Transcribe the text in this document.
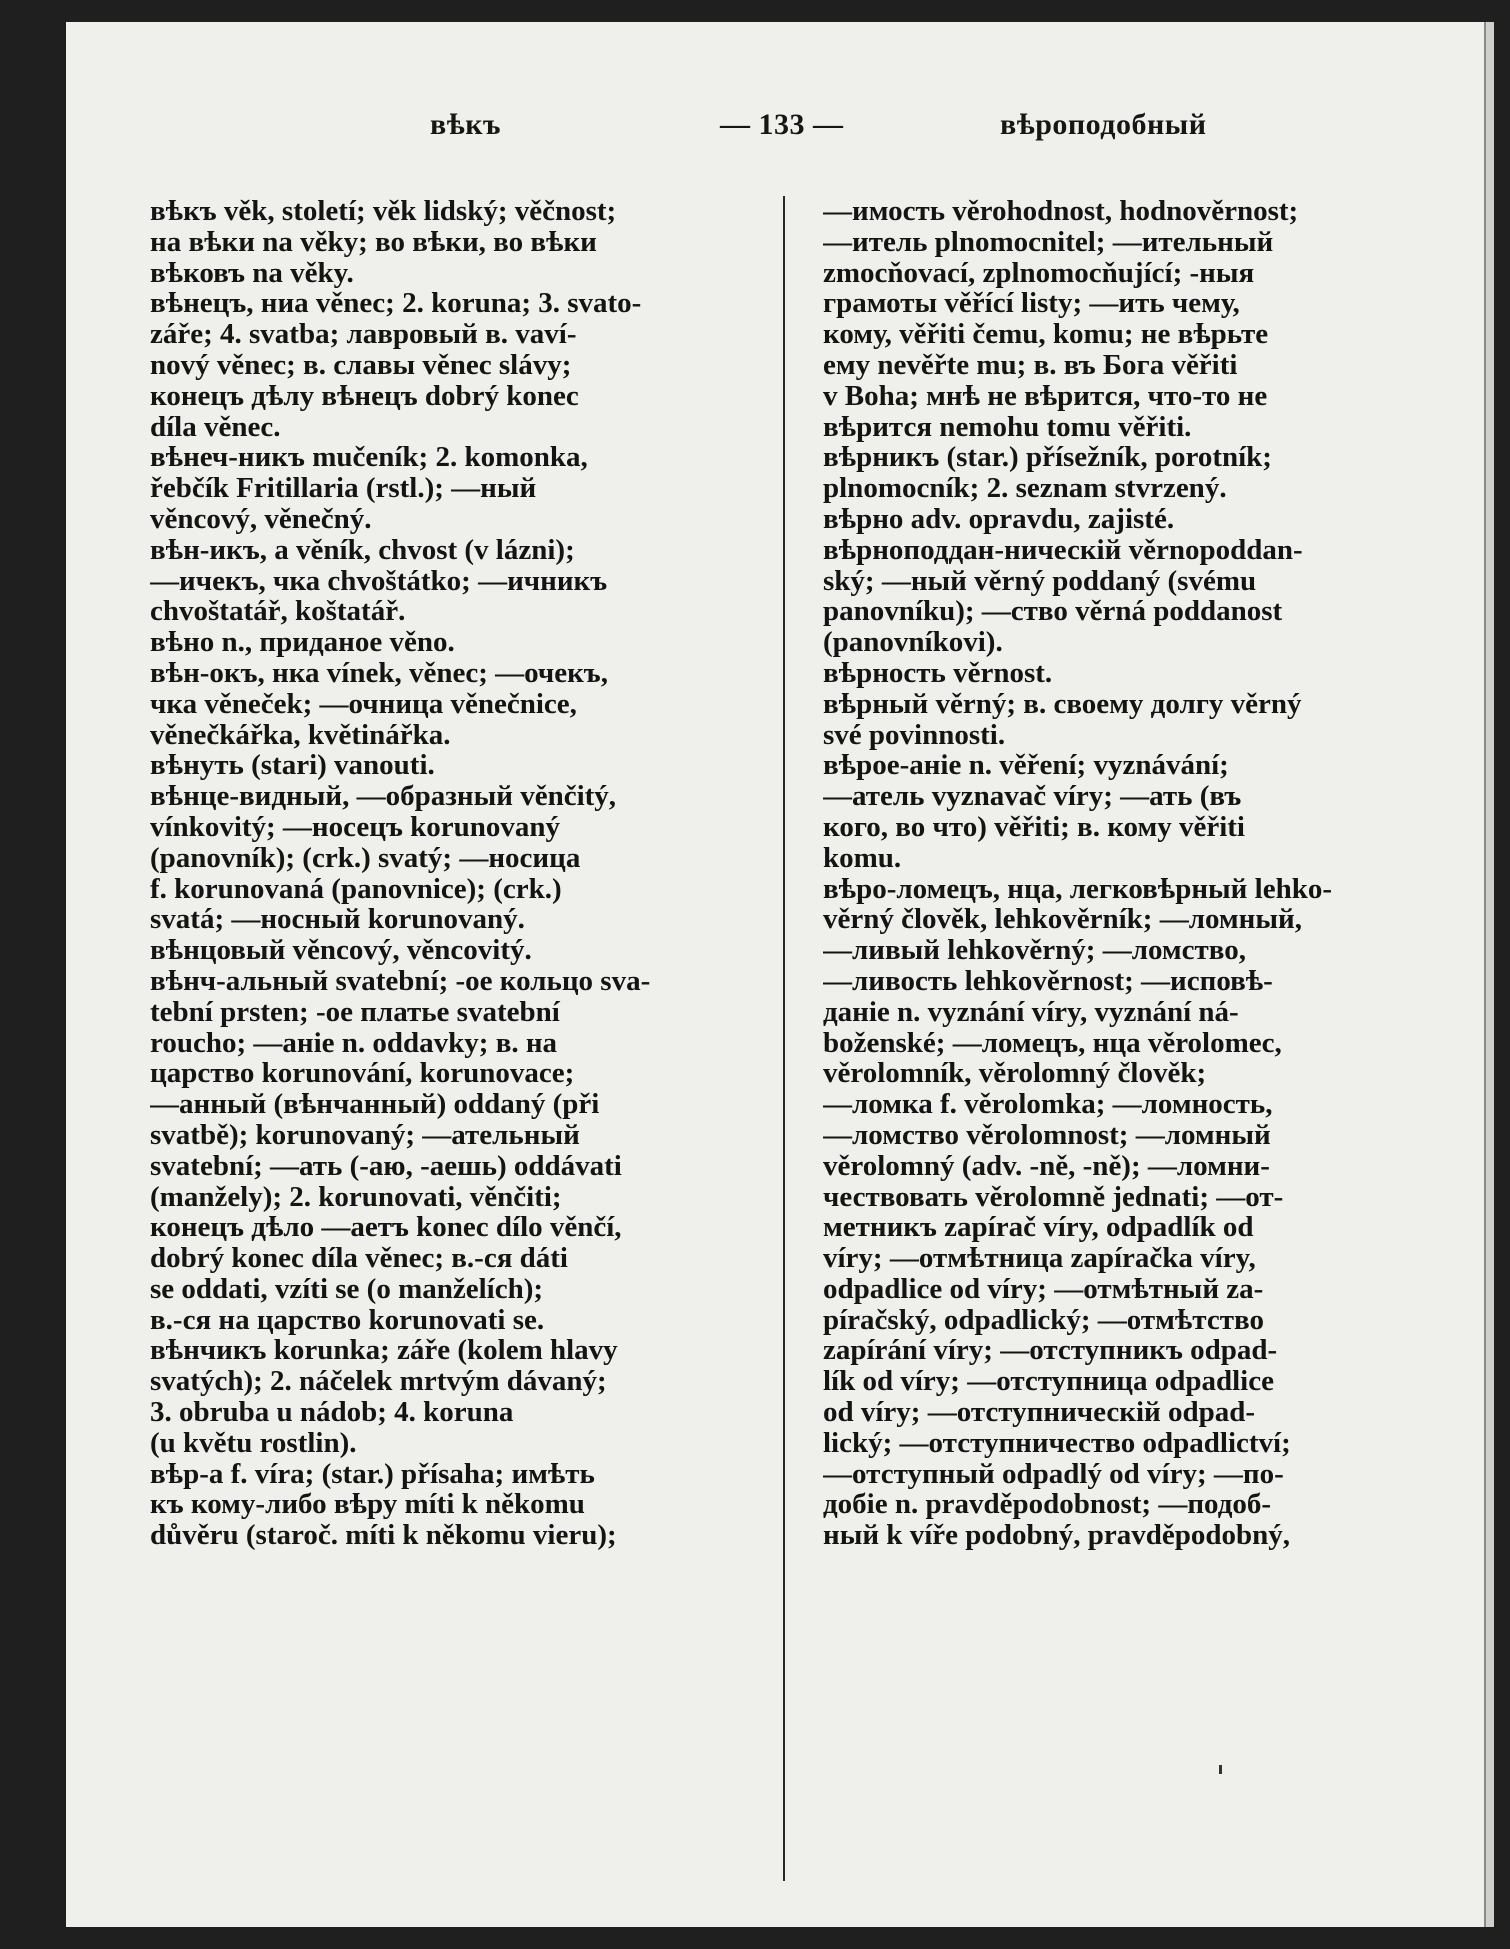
вѣкъ	— 133 —	вѣроподобный
вѣкъ věk, století; věk lidský; věčnost;
на вѣки na věky; во вѣки, во вѣки
вѣковъ na věky.
вѣнецъ, ниа věnec; 2. koruna; 3. svato-
záře; 4. svatba; лавровый в. vaví-
nový věnec; в. славы věnec slávy;
конецъ дѣлу вѣнецъ dobrý konec
díla věnec.
вѣнеч-никъ mučeník; 2. komonka,
řebčík Fritillaria (rstl.); —ный
věncový, věnečný.
вѣн-икъ, а věník, chvost (v lázni);
—ичекъ, чка chvoštátko; —ичникъ
chvoštatář, koštatář.
вѣно n., приданое věno.
вѣн-окъ, нка vínek, věnec; —очекъ,
чка věneček; —очница věnečnice,
věnečkářka, květinářka.
вѣнуть (stari) vanouti.
вѣнце-видный, —образный věnčitý,
vínkovitý; —носецъ korunovaný
(panovník); (crk.) svatý; —носица
f. korunovaná (panovnice); (crk.)
svatá; —носный korunovaný.
вѣнцовый věncový, věncovitý.
вѣнч-альный svatební; -ое кольцо sva-
tební prsten; -ое платье svatební
roucho; —аніе n. oddavky; в. на
царство korunování, korunovace;
—анный (вѣнчанный) oddaný (při
svatbě); korunovaný; —ательный
svatební; —ать (-аю, -аешь) oddávati
(manžely); 2. korunovati, věnčiti;
конецъ дѣло —аетъ konec dílo věnčí,
dobrý konec díla věnec; в.-ся dáti
se oddati, vzíti se (o manželích);
в.-ся на царство korunovati se.
вѣнчикъ korunka; záře (kolem hlavy
svatých); 2. náčelek mrtvým dávaný;
3. obruba u nádob; 4. koruna
(u květu rostlin).
вѣр-а f. víra; (star.) přísaha; имѣть
къ кому-либо вѣру míti k někomu
důvěru (staroč. míti k někomu vieru);
—имость věrohodnost, hodnověrnost;
—итель plnomocnitel; —ительный
zmocňovací, zplnomocňující; -ныя
грамоты věřící listy; —ить чему,
кому, věřiti čemu, komu; не вѣрьте
ему nevěřte mu; в. въ Бога věřiti
v Boha; мнѣ не вѣрится, что-то не
вѣрится nemohu tomu věřiti.
вѣрникъ (star.) přísežník, porotník;
plnomocník; 2. seznam stvrzený.
вѣрно adv. opravdu, zajisté.
вѣрноподдан-ническій věrnopoddan-
ský; —ный věrný poddaný (svému
panovníku); —ство věrná poddanost
(panovníkovi).
вѣрность věrnost.
вѣрный věrný; в. своему долгу věrný
své povinnosti.
вѣрое-аніе n. věření; vyznávání;
—атель vyznavač víry; —ать (въ
кого, во что) věřiti; в. кому věřiti
komu.
вѣро-ломецъ, нца, легковѣрный lehko-
věrný člověk, lehkověrník; —ломный,
—ливый lehkověrný; —ломство,
—ливость lehkověrnost; —исповѣ-
даніе n. vyznání víry, vyznání ná-
boženské; —ломецъ, нца věrolomec,
věrolomník, věrolomný člověk;
—ломка f. věrolomka; —ломность,
—ломство věrolomnost; —ломный
věrolomný (adv. -ně, -ně); —ломни-
чествовать věrolomně jednati; —от-
метникъ zapírač víry, odpadlík od
víry; —отмѣтница zapíračka víry,
odpadlice od víry; —отмѣтный za-
píračský, odpadlický; —отмѣтство
zapírání víry; —отступникъ odpad-
lík od víry; —отступница odpadlice
od víry; —отступническій odpad-
lický; —отступничество odpadlictví;
—отступный odpadlý od víry; —по-
добіе n. pravděpodobnost; —подоб-
ный k víře podobný, pravděpodobný,
